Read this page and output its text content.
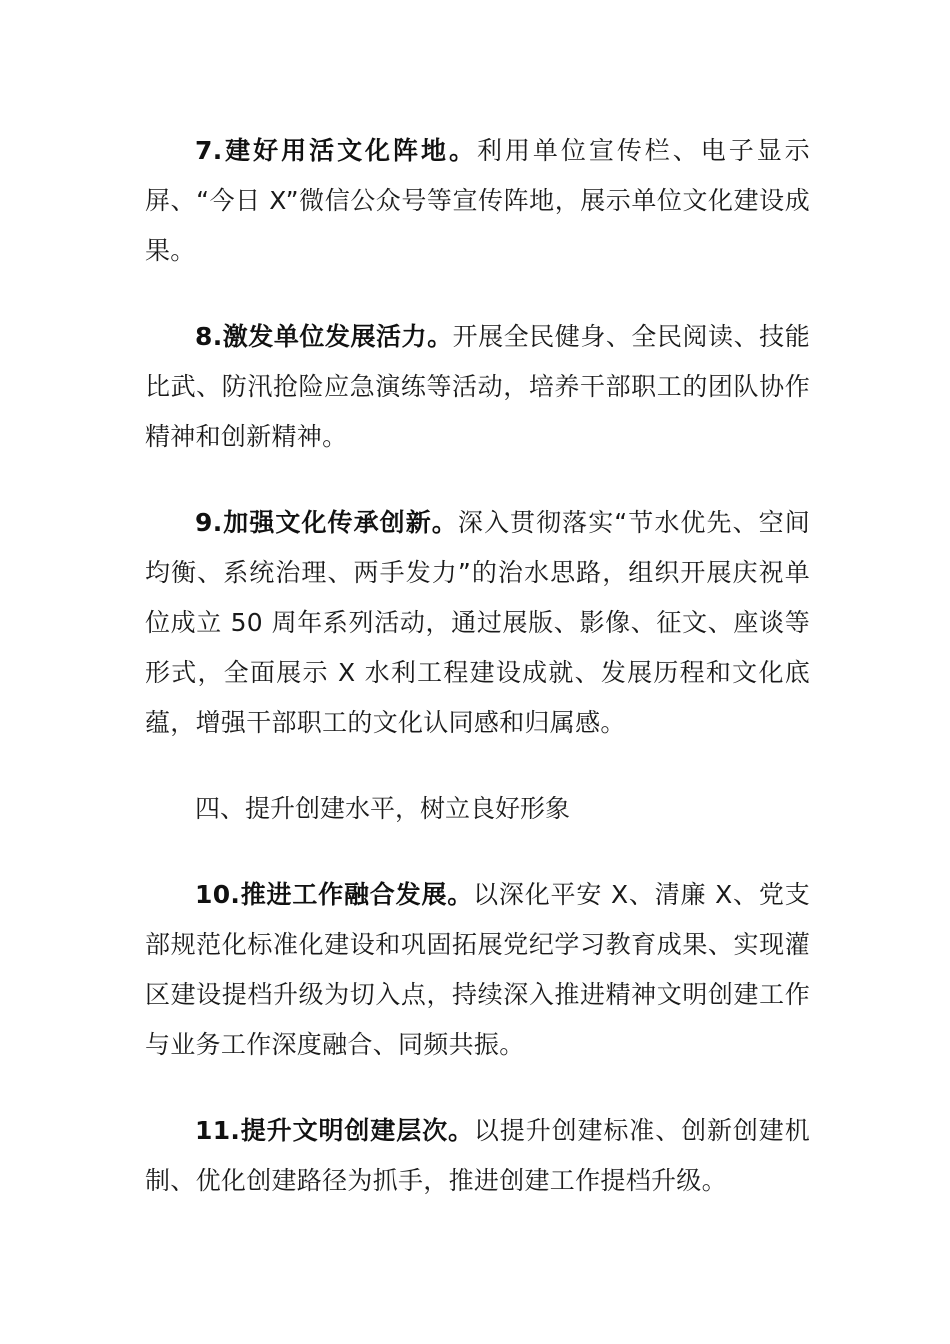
7.建好用活文化阵地。利用单位宣传栏、电子显示屏、“今日 X”微信公众号等宣传阵地，展示单位文化建设成果。

8.激发单位发展活力。开展全民健身、全民阅读、技能比武、防汛抢险应急演练等活动，培养干部职工的团队协作精神和创新精神。

9.加强文化传承创新。深入贯彻落实“节水优先、空间均衡、系统治理、两手发力”的治水思路，组织开展庆祝单位成立 50 周年系列活动，通过展版、影像、征文、座谈等形式，全面展示 X 水利工程建设成就、发展历程和文化底蕴，增强干部职工的文化认同感和归属感。

四、提升创建水平，树立良好形象

10.推进工作融合发展。以深化平安 X、清廉 X、党支部规范化标准化建设和巩固拓展党纪学习教育成果、实现灌区建设提档升级为切入点，持续深入推进精神文明创建工作与业务工作深度融合、同频共振。

11.提升文明创建层次。以提升创建标准、创新创建机制、优化创建路径为抓手，推进创建工作提档升级。
